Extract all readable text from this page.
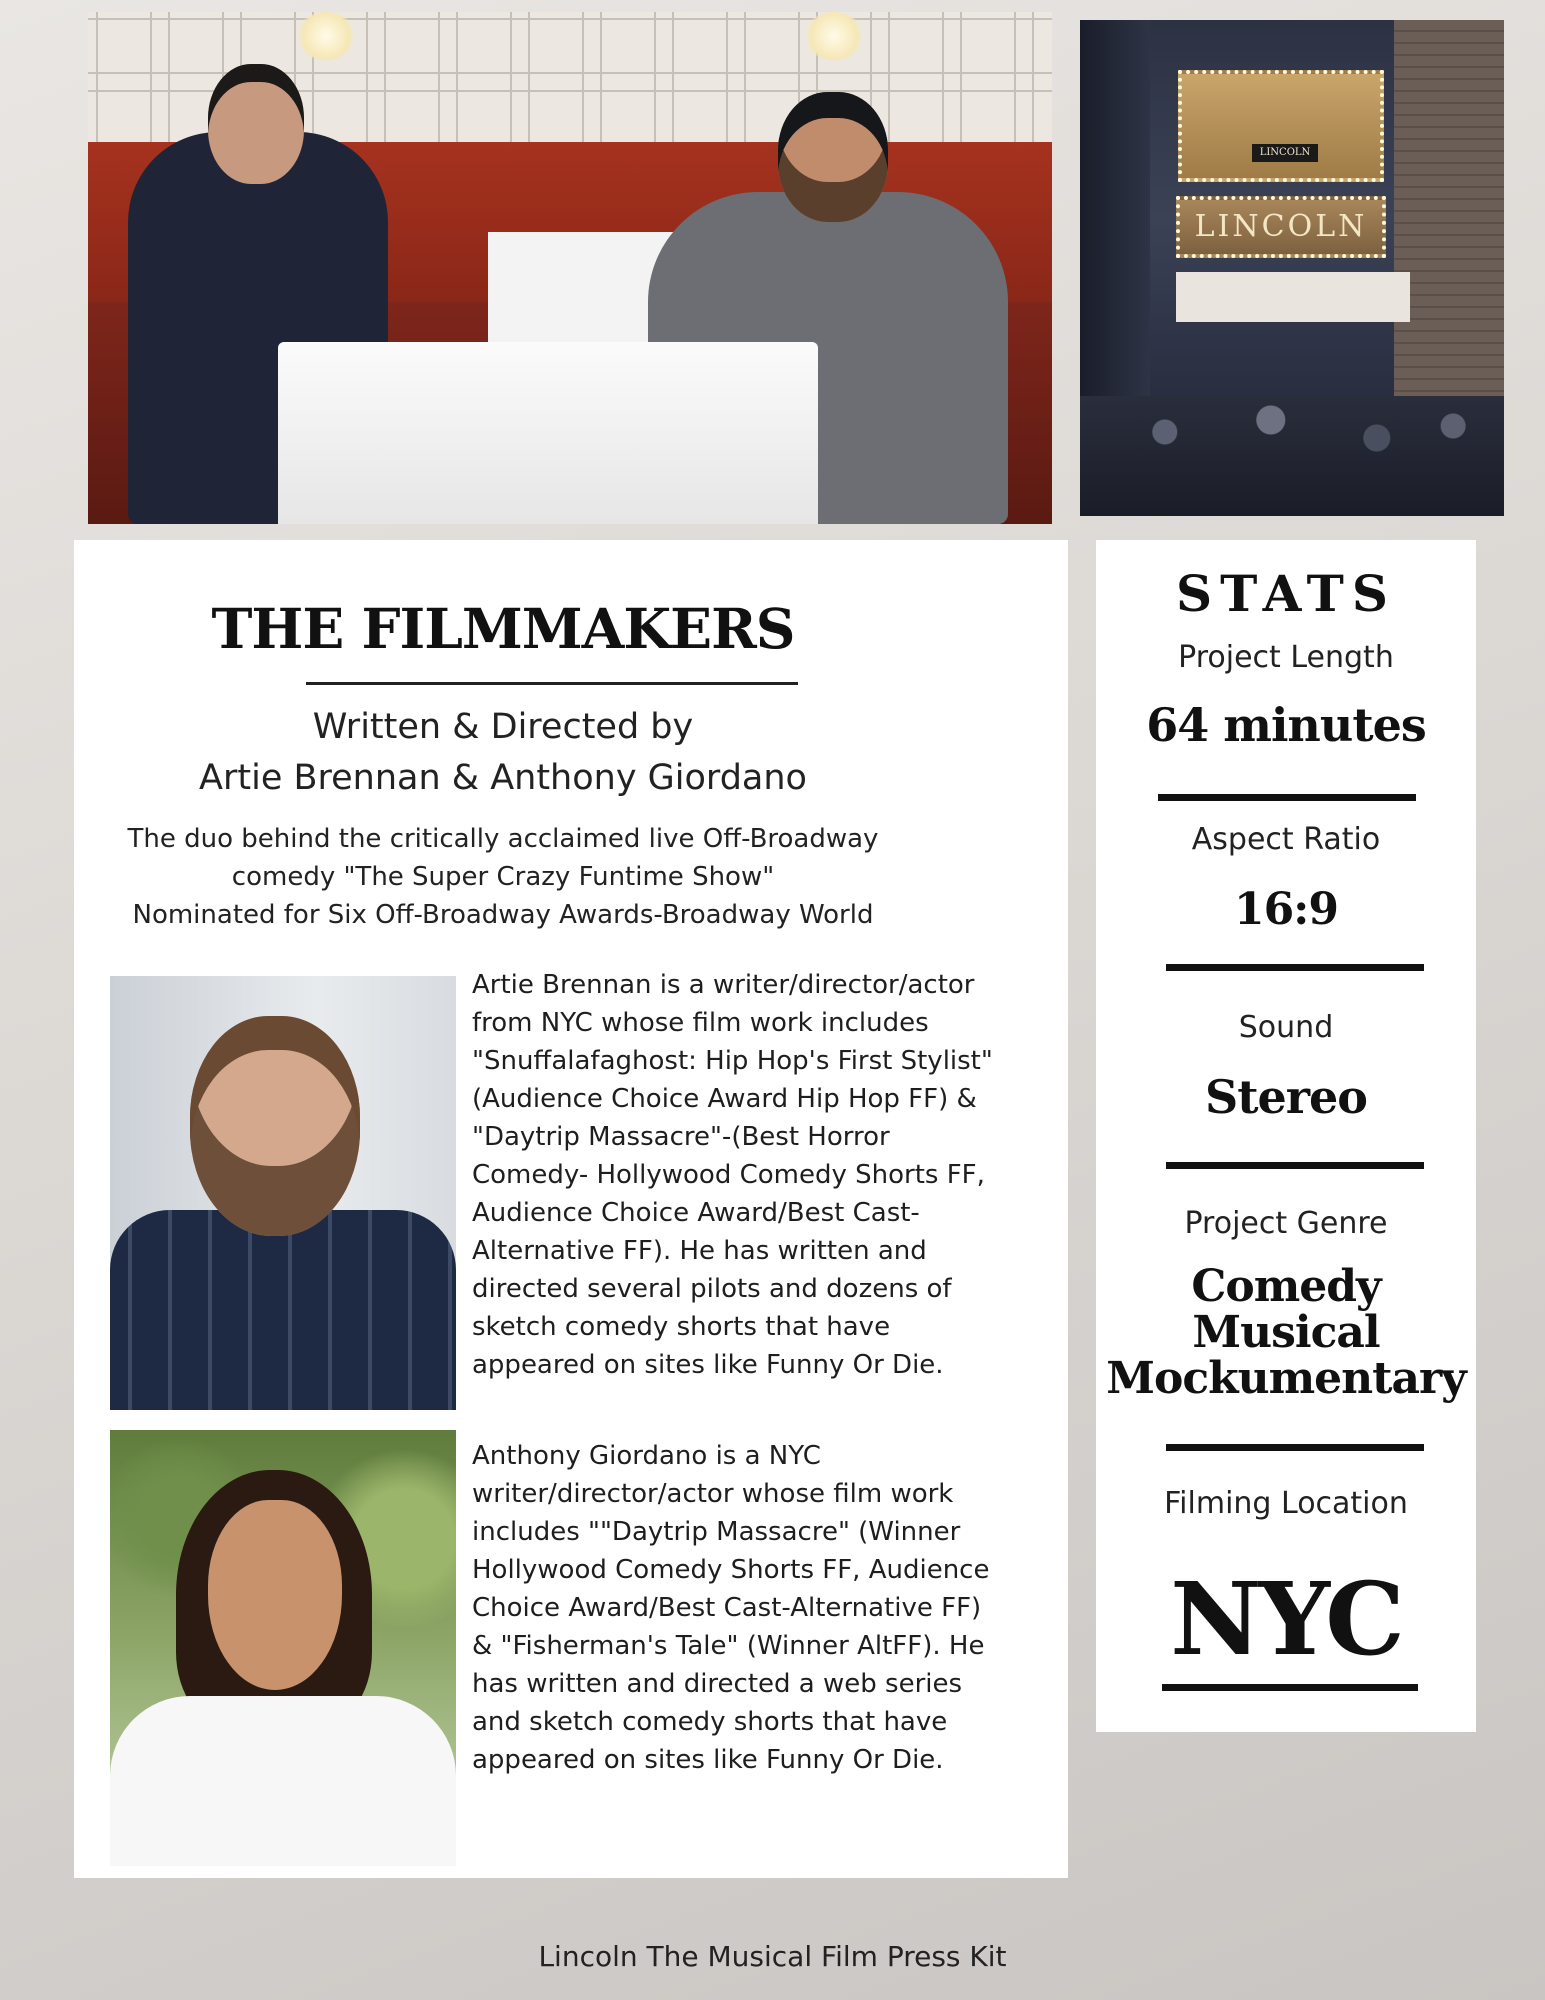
LINCOLN
LINCOLN
THE FILMMAKERS
Written & Directed by
Artie Brennan & Anthony Giordano
The duo behind the critically acclaimed live Off-Broadway
comedy "The Super Crazy Funtime Show"
Nominated for Six Off-Broadway Awards-Broadway World
Artie Brennan is a writer/director/actor
from NYC whose film work includes
"Snuffalafaghost: Hip Hop's First Stylist"
(Audience Choice Award Hip Hop FF) &
"Daytrip Massacre"-(Best Horror
Comedy- Hollywood Comedy Shorts FF,
Audience Choice Award/Best Cast-
Alternative FF). He has written and
directed several pilots and dozens of
sketch comedy shorts that have
appeared on sites like Funny Or Die.
Anthony Giordano is a NYC
writer/director/actor whose film work
includes ""Daytrip Massacre" (Winner
Hollywood Comedy Shorts FF, Audience
Choice Award/Best Cast-Alternative FF)
& "Fisherman's Tale" (Winner AltFF). He
has written and directed a web series
and sketch comedy shorts that have
appeared on sites like Funny Or Die.
STATS
Project Length
64 minutes
Aspect Ratio
16:9
Sound
Stereo
Project Genre
Comedy
Musical
Mockumentary
Filming Location
NYC
Lincoln The Musical Film Press Kit
